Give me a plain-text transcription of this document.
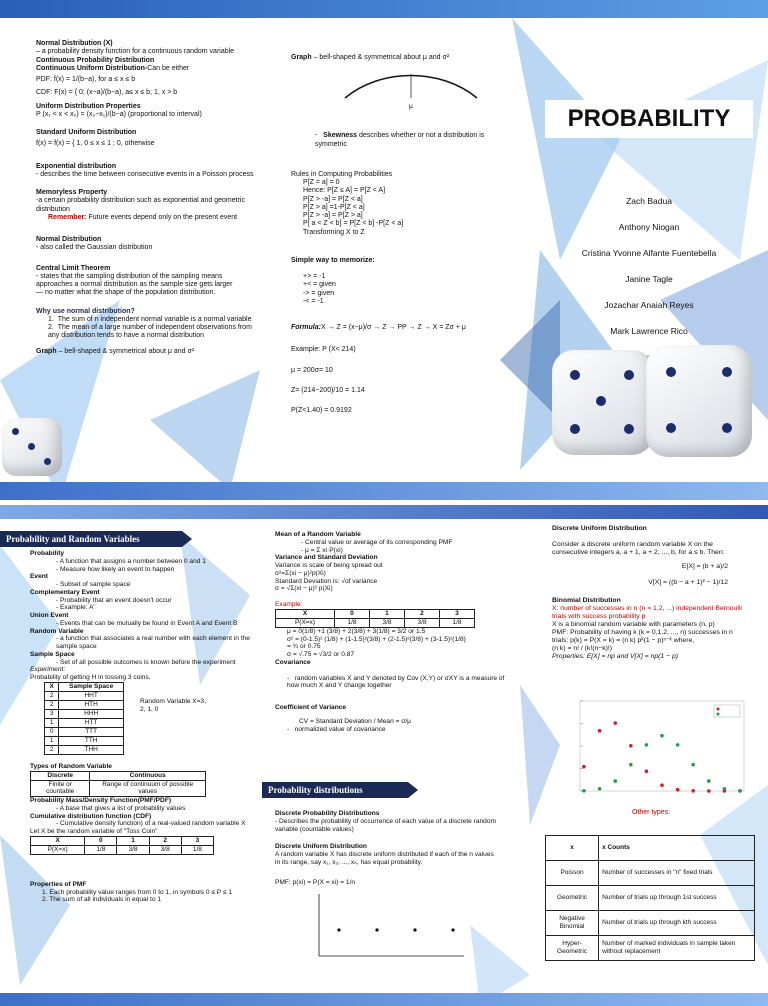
Normal Distribution (X)
– a probability density function for a continuous random variable
Continuous Probability Distribution
Continuous Uniform Distribution-Can be either
PDF: f(x) = 1/(b−a), for a ≤ x ≤ b
CDF: F(x) = { 0; (x−a)/(b−a), a≤ x ≤ b; 1, x > b
Uniform Distribution Properties
P (x₁ < x < x₂) = (x₂−x₁)/(b−a) (proportional to interval)
Standard Uniform Distribution
f(x) = f(x) = { 1, 0 ≤ x ≤ 1 ; 0, otherwise
Exponential distribution
- describes the time between consecutive events in a Poisson process
Memoryless Property
-a certain probability distribution such as exponential and geometric distribution
Remember: Future events depend only on the present event
Normal Distribution
- also called the Gaussian distribution
Central Limit Theorem
- states that the sampling distribution of the sampling means approaches a normal distribution as the sample size gets larger
— no matter what the shape of the population distribution.
Why use normal distribution?
1.  The sum of n independent normal variable is a normal variable
2.  The mean of a large number of independent observations from any distribution tends to have a normal distribution
Graph – bell-shaped & symmetrical about μ and σ²
Graph – bell-shaped & symmetrical about μ and σ²
μ
-   Skewness describes whether or not a distribution is symmetric
Rules in Computing Probabilities
P[Z = a] = 0
Hence: P[Z ≤ A] = P[Z < A]
P[Z > -a] = P[Z < a]
P[Z > a] =1-P[Z < a]
P[Z > -a] = P[Z > a]
P[ a < Z < b] = P[Z < b] -P[Z < a]
Transforming X to Z
Simple way to memorize:
+> = -1
+< = given
-> = given
-< = -1
Formula:X → Z = (x−μ)/σ → Z → PP → Z → X = Zσ + μ
Example: P (X< 214)
μ = 200σ= 10
Z= (214−200)/10 = 1.14
P(Z<1.40) = 0.9192
PROBABILITY
Zach Badua
Anthony Niogan
Cristina Yvonne Alfante Fuentebella
Janine Tagle
Jozachar Anaiah Reyes
Mark Lawrence Rico
Probability and Random Variables
Probability
- A function that assigns a number between 0 and 1
- Measure how likely an event to happen
Event
- Subset of sample space
Complementary Event
- Probability that an event doesn't occur
- Example: A'
Union Event
- Events that can be mutually be found in Event A and Event B
Random Variable
- a function that associates a real number with each element in the sample space
Sample Space
- Set of all possible outcomes is known before the experiment
Experiment:
Probability of getting H in tossing 3 coins.
X	Sample Space
2	HHT
2	HTH
3	HHH
1	HTT
0	TTT
1	TTH
2	THH
Random Variable X=3, 2, 1, 0
Types of Random Variable
Discrete	Continuous
Finite or countable	Range of continuum of possible values
Probability Mass/Density Function(PMF/PDF)
- A base that gives a list of probability values
Cumulative distribution function (CDF)
- Cumulative density function) of a real-valued random variable X
Let X be the random variable of "Toss Coin"
X	0	1	2	3
P(X=x)	1/8	3/8	3/8	1/8
Properties of PMF
1. Each probability value ranges from 0 to 1, in symbols 0 ≤ P ≤ 1
2. The sum of all individuals in equal to 1
Mean of a Random Variable
- Central value or average of its corresponding PMF
- μ = Σ xi·P(xi)
Variance and Standard Deviation
Variance is scale of being spread out
σ²=Σ(xi − μ)²p(Xi)
Standard Deviation is: √of variance
σ = √Σ(xi − μ)² p(Xi)
Example:
X	0	1	2	3
P(X=x)	1/8	3/8	3/8	1/8
μ = 0(1/8) +1 (3/8) + 2(3/8) + 3(1/8) = 3/2 or 1.5
σ² = (0-1.5)² (1/8) + (1-1.5)²(3/8) + (2-1.5)²(3/8) + (3-1.5)²(1/8)
= ¾ or 0.75
σ = √.75 = √3/2 or 0.87
Covariance
-   random variables X and Y denoted by Cov (X,Y) or σXY is a measure of how much X and Y change together
Coefficient of Variance
CV = Standard Deviation / Mean = σ/μ
-   normalized value of covariance
Probability distributions
Discrete Probability Distributions
- Describes the probability of occurrence of each value of a discrete random variable (countable values)
Discrete Uniform Distribution
A random variable X has discrete uniform distributed if each of the n values in its range, say x₁, x₂, ..., xₙ, has equal probability.
PMF: p(xi) = P(X = xi) = 1/n
Discrete Uniform Distribution
Consider a discrete uniform random variable X on the consecutive integers a, a + 1, a + 2, ..., b, for a ≤ b. Then:
E[X] = (b + a)/2
V[X] = ((b − a + 1)² − 1)/12
Binomial Distribution
X: number of successes in n (n = 1,2, ...) independent Bernoulli trials with success probability p
X is a binomial random variable with parameters (n, p)
PMF: Probability of having k (k = 0,1,2, ..., n) successes in n trials: p(k) = P(X = k) = (n k) pᵏ(1 − p)ⁿ⁻ᵏ where,
(n k) = n! / (k!(n−k)!)
Properties: E[X] = np and V[X] = np(1 − p)
Other types:
x	x Counts
Poisson	Number of successes in "n" fixed trials
Geometric	Number of trials up through 1st success
Negative Binomial	Number of trials up through kth success
Hyper-Geometric	Number of marked individuals in sample taken without replacement
